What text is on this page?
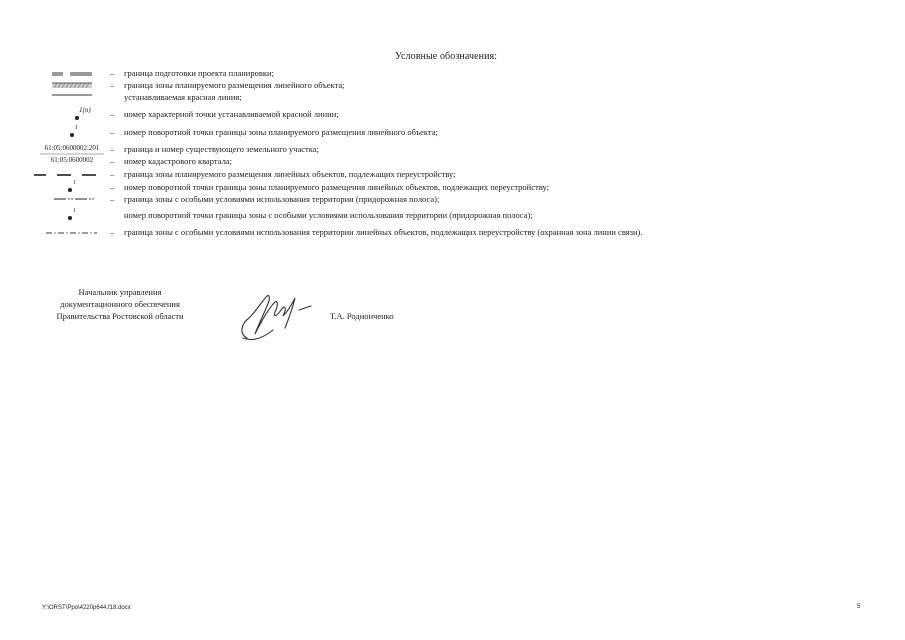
Условные обозначения:
– граница подготовки проекта планировки;
– граница зоны планируемого размещения линейного объекта;
устанавливаемая красная линия;
1(n) – номер характерной точки устанавливаемой красной линии;
1	– номер поворотной точки границы зоны планируемого размещения линейного объекта;
61:05:0600002:201	– граница и номер существующего земельного участка;
61:05:0600002	– номер кадастрового квартала;
– граница зоны планируемого размещения линейных объектов, подлежащих переустройству;
1	– номер поворотной точки границы зоны планируемого размещения линейных объектов, подлежащих переустройству;
– граница зоны с особыми условиями использования территории (придорожная полоса);
1	номер поворотной точки границы зоны с особыми условиями использования территории (придорожная полоса);
– граница зоны с особыми условиями использования территории линейных объектов, подлежащих переустройству (охранная зона линии связи).
Начальник управления
документационного обеспечения
Правительства Ростовской области	Т.А. Родионченко
Y:\ORST\Ppo\4220p644.f18.docx	5
